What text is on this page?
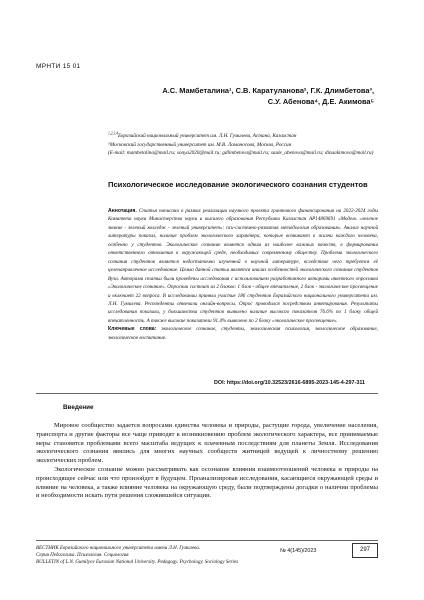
МРНТИ 15 01
А.С. Мамбеталина¹, С.В. Каратуланова², Г.К. Длимбетова³,
С.У. Абенова⁴, Д.Е. Акимова⁵

$^{1,2,3,4}$Евразийский национальный университет им. Л.Н. Гумилева, Астана, Казахстан

⁵Московский государственный университет им. М.В. Ломоносова, Москва, Россия

(E-mail: mambetalina@mail.ru; sonya2020@mail.ru; gdlimbetova@mail.ru; saule_abenova@mail.ru; dinaakimova@mail.ru)

Психологическое исследование экологического сознания студентов

Аннотация. Статья написана в рамках реализации научного проекта грантового финансирования на 2022-2024 годы Комитета науки Министерства науки и высшего образования Республики Казахстан AP14869691 «Модель «зеленое знание - зеленый колледж - зеленый университет»: пси-системно-развитая методология образования». Анализ научной литературы показал, наличие проблем экологического характера, которые возникают в жизни каждого человека, особенно у студентов. Экологическое сознание является одним из наиболее важных качеств, в формировании ответственного отношения к окружающей среде, необходимых современному обществу. Проблема экологического сознания студентов является недостаточно изученной в научной литературе, вследствие чего требуется её целенаправленное исследование. Целью данной статьи является анализ особенностей экологического сознания студентов Вуза. Авторами статьи были проведены исследования с использованием разработанного авторами анкетного опросника «Экологическое сознание». Опросник состоит из 2 блоков: 1 блок - общее впечатление, 2 блок - экологическое просвещение и включает 22 вопроса. В исследовании приняли участие 186 студентов Евразийского национального университета им. Л.Н. Гумилева. Респонденты отвечали онлайн-вопросы. Опрос проводился посредством анкетирования. Результаты исследования показали, у большинства студентов выявлено наличие высокого показателя 76.6% по 1 блоку общей впечатленность. А также высокие показатели 91.4% выявлено по 2 блоку «экологическое просвещение».

Ключевые слова: экологическое сознание, студенты, экологическая психология, экологическое образование, экологическое воспитание.

DOI: https://doi.org/10.32523/2616-6895-2023-145-4-297-311
Введение

Мировое сообщество задается вопросами единства человека и природы, растущие города, увеличение населения, транспорта и другие факторы все чаще приводят к возникновению проблем экологического характера, все принимаемые меры становятся проблемами всего масштаба ведущих к плачевным последствиям для планеты Земля. Исследования экологического сознания явились для многих научных сообществ житницей ведущей к личностному решению экологических проблем.

Экологическое сознание можно рассматривать как осознание влияния взаимоотношений человека и природы на происходящее сейчас или что произойдет в будущем. Проанализировав исследования, касающиеся окружающей среды и влияние на человека, а также влияние человека на окружающую среду, были подтверждены догадки о наличии проблемы и необходимости искать пути решения сложившейся ситуации.

ВЕСТНИК Евразийского национального университета имени Л.Н. Гумилева.
Серия Педагогика. Психология. Социология
BULLETIN of L.N. Gumilyov Eurasian National University. Pedagogy. Psychology. Sociology Series
№ 4(145)/2023	297
